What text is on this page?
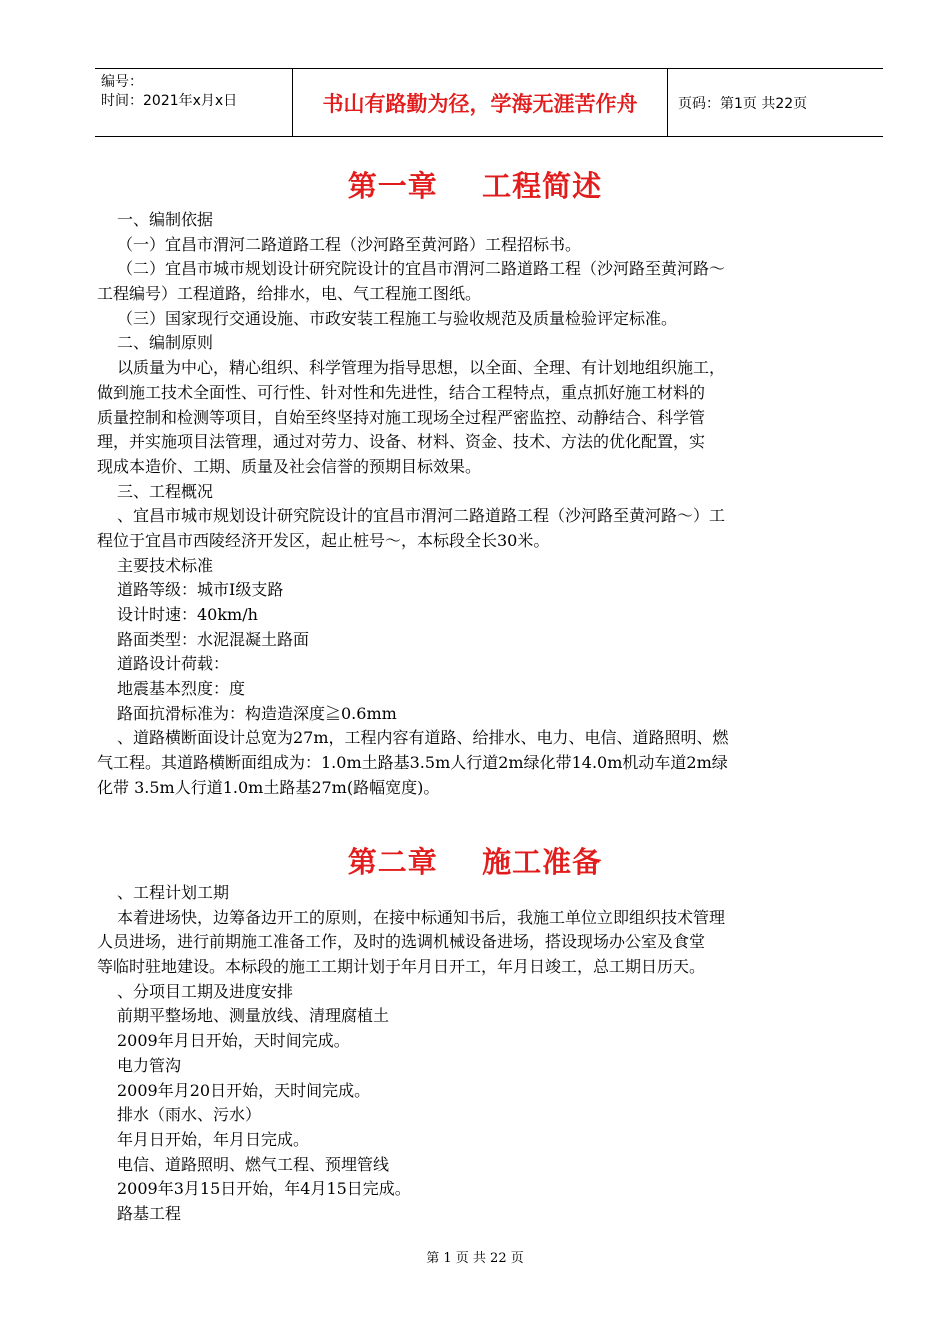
编号：
时间：2021年x月x日	书山有路勤为径，学海无涯苦作舟	页码：第1页 共22页
第一章    工程简述
一、编制依据
（一）宜昌市渭河二路道路工程（沙河路至黄河路）工程招标书。
（二）宜昌市城市规划设计研究院设计的宜昌市渭河二路道路工程（沙河路至黄河路～
工程编号）工程道路，给排水，电、气工程施工图纸。
（三）国家现行交通设施、市政安装工程施工与验收规范及质量检验评定标准。
二、编制原则
以质量为中心，精心组织、科学管理为指导思想，以全面、全理、有计划地组织施工，
做到施工技术全面性、可行性、针对性和先进性，结合工程特点，重点抓好施工材料的
质量控制和检测等项目，自始至终坚持对施工现场全过程严密监控、动静结合、科学管
理，并实施项目法管理，通过对劳力、设备、材料、资金、技术、方法的优化配置，实
现成本造价、工期、质量及社会信誉的预期目标效果。
三、工程概况
、宜昌市城市规划设计研究院设计的宜昌市渭河二路道路工程（沙河路至黄河路～）工
程位于宜昌市西陵经济开发区，起止桩号～，本标段全长30米。
主要技术标准
道路等级：城市Ⅰ级支路
设计时速：40km/h
路面类型：水泥混凝土路面
道路设计荷载：
地震基本烈度：度
路面抗滑标准为：构造造深度≧0.6mm
、道路横断面设计总宽为27m，工程内容有道路、给排水、电力、电信、道路照明、燃
气工程。其道路横断面组成为：1.0m土路基3.5m人行道2m绿化带14.0m机动车道2m绿
化带 3.5m人行道1.0m土路基27m(路幅宽度)。
第二章    施工准备
、工程计划工期
本着进场快，边筹备边开工的原则，在接中标通知书后，我施工单位立即组织技术管理
人员进场，进行前期施工准备工作，及时的选调机械设备进场，搭设现场办公室及食堂
等临时驻地建设。本标段的施工工期计划于年月日开工，年月日竣工，总工期日历天。
、分项目工期及进度安排
前期平整场地、测量放线、清理腐植土
2009年月日开始，天时间完成。
电力管沟
2009年月20日开始，天时间完成。
排水（雨水、污水）
年月日开始，年月日完成。
电信、道路照明、燃气工程、预埋管线
2009年3月15日开始，年4月15日完成。
路基工程
第 1 页 共 22 页
